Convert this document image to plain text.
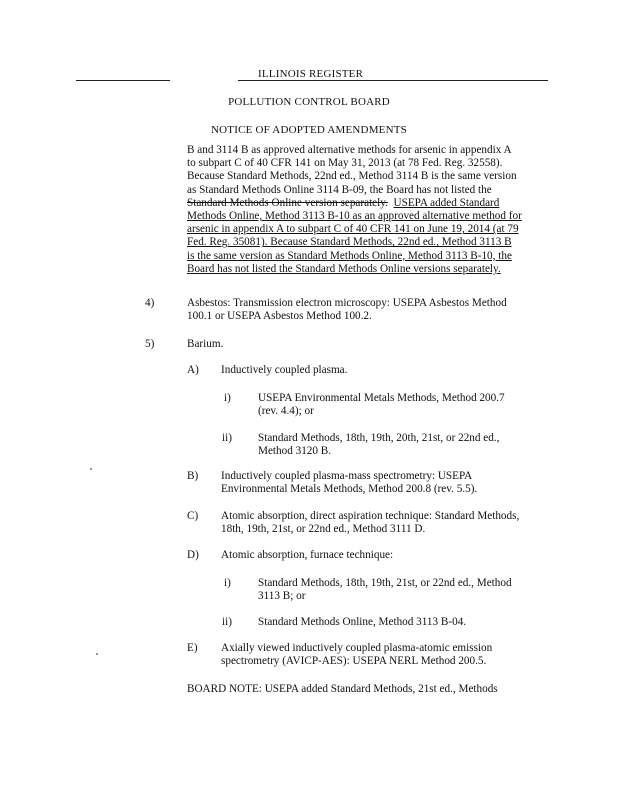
ILLINOIS REGISTER
POLLUTION CONTROL BOARD
NOTICE OF ADOPTED AMENDMENTS
B and 3114 B as approved alternative methods for arsenic in appendix A
to subpart C of 40 CFR 141 on May 31, 2013 (at 78 Fed. Reg. 32558).
Because Standard Methods, 22nd ed., Method 3114 B is the same version
as Standard Methods Online 3114 B-09, the Board has not listed the
Standard Methods Online version separately. USEPA added Standard
Methods Online, Method 3113 B-10 as an approved alternative method for
arsenic in appendix A to subpart C of 40 CFR 141 on June 19, 2014 (at 79
Fed. Reg. 35081). Because Standard Methods, 22nd ed., Method 3113 B
is the same version as Standard Methods Online, Method 3113 B-10, the
Board has not listed the Standard Methods Online versions separately.
4)	Asbestos: Transmission electron microscopy: USEPA Asbestos Method
100.1 or USEPA Asbestos Method 100.2.
5)	Barium.
A) Inductively coupled plasma.
i) USEPA Environmental Metals Methods, Method 200.7
(rev. 4.4); or
ii) Standard Methods, 18th, 19th, 20th, 21st, or 22nd ed.,
Method 3120 B.
B) Inductively coupled plasma-mass spectrometry: USEPA
Environmental Metals Methods, Method 200.8 (rev. 5.5).
C) Atomic absorption, direct aspiration technique: Standard Methods,
18th, 19th, 21st, or 22nd ed., Method 3111 D.
D) Atomic absorption, furnace technique:
i) Standard Methods, 18th, 19th, 21st, or 22nd ed., Method
3113 B; or
ii) Standard Methods Online, Method 3113 B-04.
E) Axially viewed inductively coupled plasma-atomic emission
spectrometry (AVICP-AES): USEPA NERL Method 200.5.
BOARD NOTE: USEPA added Standard Methods, 21st ed., Methods
